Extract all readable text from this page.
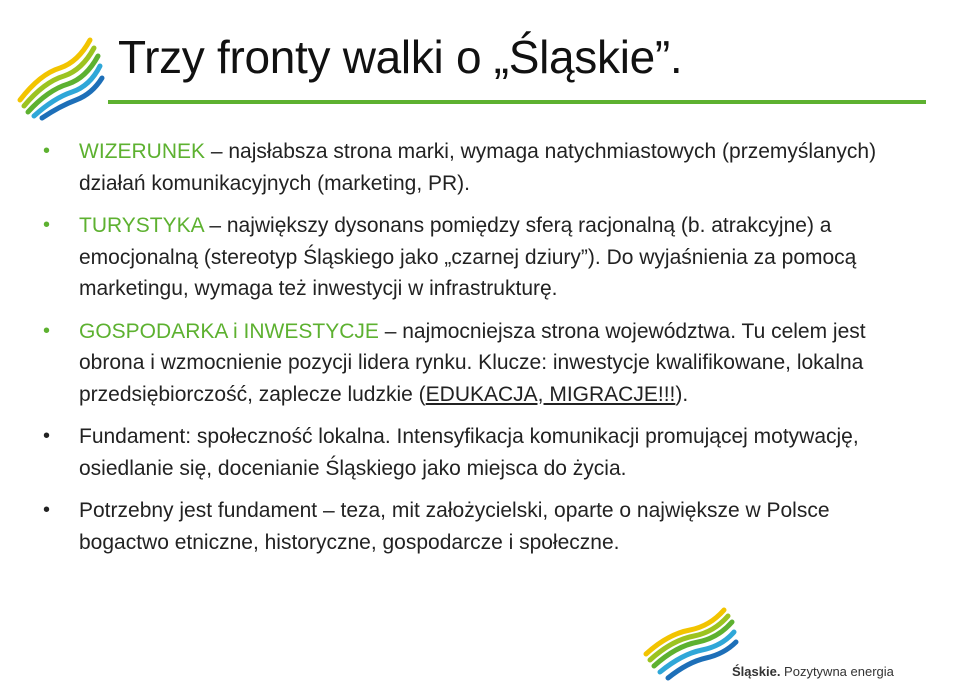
Trzy fronty walki o „Śląskie”.
• WIZERUNEK – najsłabsza strona marki, wymaga natychmiastowych (przemyślanych) działań komunikacyjnych (marketing, PR).
• TURYSTYKA – największy dysonans pomiędzy sferą racjonalną (b. atrakcyjne) a emocjonalną (stereotyp Śląskiego jako „czarnej dziury”). Do wyjaśnienia za pomocą marketingu, wymaga też inwestycji w infrastrukturę.
• GOSPODARKA i INWESTYCJE – najmocniejsza strona województwa. Tu celem jest obrona i wzmocnienie pozycji lidera rynku. Klucze: inwestycje kwalifikowane, lokalna przedsiębiorczość, zaplecze ludzkie (EDUKACJA, MIGRACJE!!!).
• Fundament: społeczność lokalna. Intensyfikacja komunikacji promującej motywację, osiedlanie się, docenianie Śląskiego jako miejsca do życia.
• Potrzebny jest fundament – teza, mit założycielski, oparte o największe w Polsce bogactwo etniczne, historyczne, gospodarcze i społeczne.
Śląskie. Pozytywna energia
